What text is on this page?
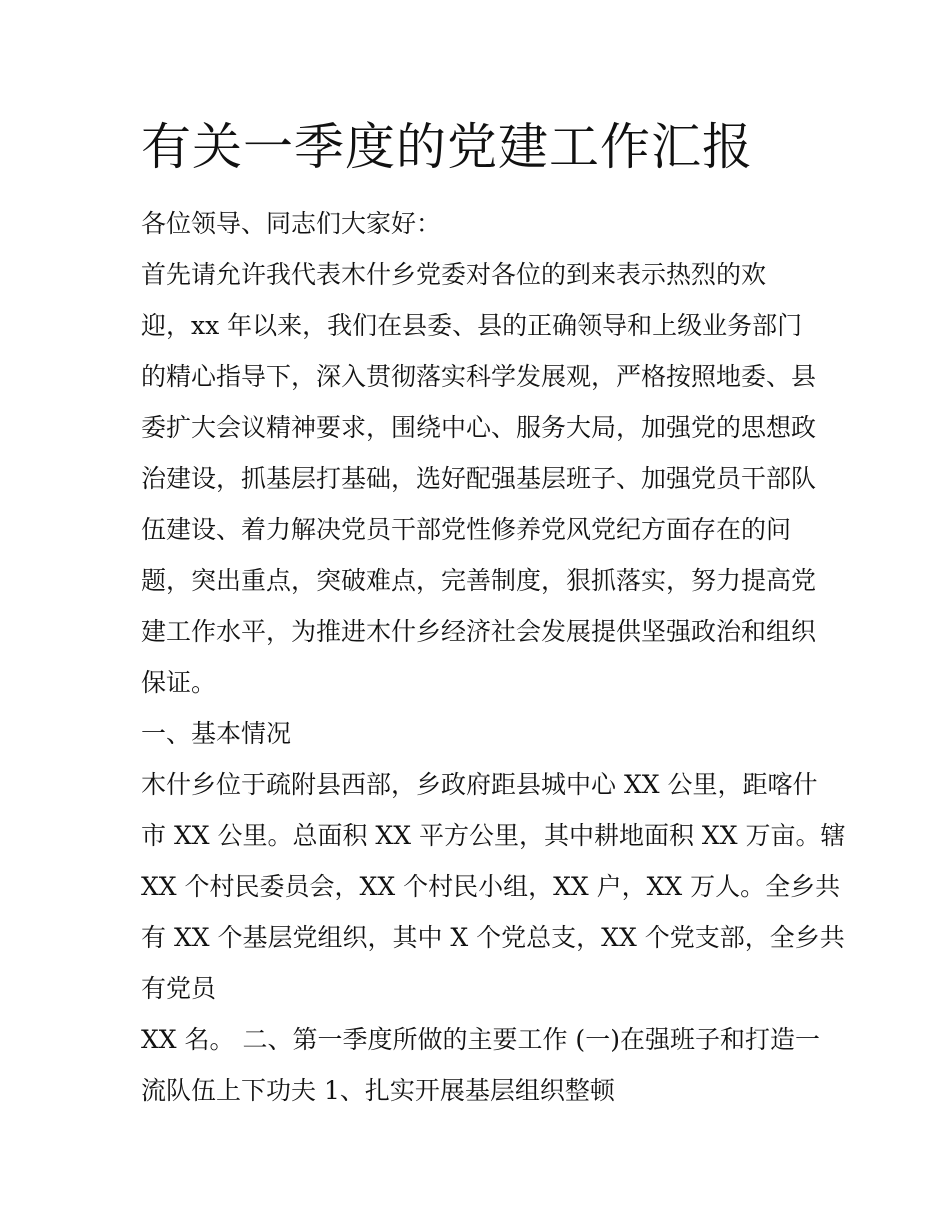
有关一季度的党建工作汇报
各位领导、同志们大家好：
首先请允许我代表木什乡党委对各位的到来表示热烈的欢
迎，xx 年以来，我们在县委、县的正确领导和上级业务部门
的精心指导下，深入贯彻落实科学发展观，严格按照地委、县
委扩大会议精神要求，围绕中心、服务大局，加强党的思想政
治建设，抓基层打基础，选好配强基层班子、加强党员干部队
伍建设、着力解决党员干部党性修养党风党纪方面存在的问
题，突出重点，突破难点，完善制度，狠抓落实，努力提高党
建工作水平，为推进木什乡经济社会发展提供坚强政治和组织
保证。
一、基本情况
木什乡位于疏附县西部，乡政府距县城中心 XX 公里，距喀什
市 XX 公里。总面积 XX 平方公里，其中耕地面积 XX 万亩。辖
XX 个村民委员会，XX 个村民小组，XX 户，XX 万人。全乡共
有 XX 个基层党组织，其中 X 个党总支，XX 个党支部，全乡共
有党员
XX 名。 二、第一季度所做的主要工作 (一)在强班子和打造一
流队伍上下功夫 1、扎实开展基层组织整顿
